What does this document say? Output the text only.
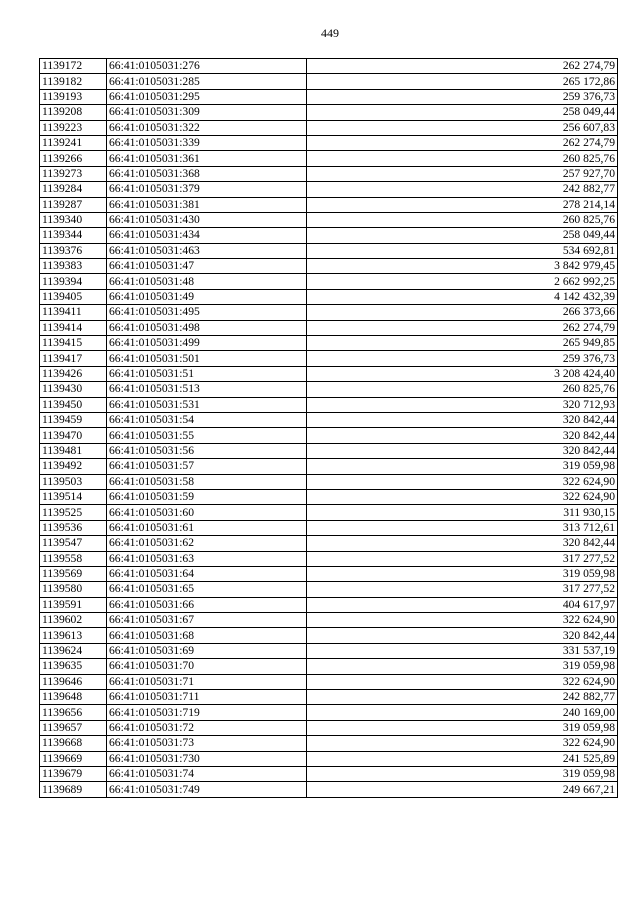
449
1139172	66:41:0105031:276	262 274,79
1139182	66:41:0105031:285	265 172,86
1139193	66:41:0105031:295	259 376,73
1139208	66:41:0105031:309	258 049,44
1139223	66:41:0105031:322	256 607,83
1139241	66:41:0105031:339	262 274,79
1139266	66:41:0105031:361	260 825,76
1139273	66:41:0105031:368	257 927,70
1139284	66:41:0105031:379	242 882,77
1139287	66:41:0105031:381	278 214,14
1139340	66:41:0105031:430	260 825,76
1139344	66:41:0105031:434	258 049,44
1139376	66:41:0105031:463	534 692,81
1139383	66:41:0105031:47	3 842 979,45
1139394	66:41:0105031:48	2 662 992,25
1139405	66:41:0105031:49	4 142 432,39
1139411	66:41:0105031:495	266 373,66
1139414	66:41:0105031:498	262 274,79
1139415	66:41:0105031:499	265 949,85
1139417	66:41:0105031:501	259 376,73
1139426	66:41:0105031:51	3 208 424,40
1139430	66:41:0105031:513	260 825,76
1139450	66:41:0105031:531	320 712,93
1139459	66:41:0105031:54	320 842,44
1139470	66:41:0105031:55	320 842,44
1139481	66:41:0105031:56	320 842,44
1139492	66:41:0105031:57	319 059,98
1139503	66:41:0105031:58	322 624,90
1139514	66:41:0105031:59	322 624,90
1139525	66:41:0105031:60	311 930,15
1139536	66:41:0105031:61	313 712,61
1139547	66:41:0105031:62	320 842,44
1139558	66:41:0105031:63	317 277,52
1139569	66:41:0105031:64	319 059,98
1139580	66:41:0105031:65	317 277,52
1139591	66:41:0105031:66	404 617,97
1139602	66:41:0105031:67	322 624,90
1139613	66:41:0105031:68	320 842,44
1139624	66:41:0105031:69	331 537,19
1139635	66:41:0105031:70	319 059,98
1139646	66:41:0105031:71	322 624,90
1139648	66:41:0105031:711	242 882,77
1139656	66:41:0105031:719	240 169,00
1139657	66:41:0105031:72	319 059,98
1139668	66:41:0105031:73	322 624,90
1139669	66:41:0105031:730	241 525,89
1139679	66:41:0105031:74	319 059,98
1139689	66:41:0105031:749	249 667,21
